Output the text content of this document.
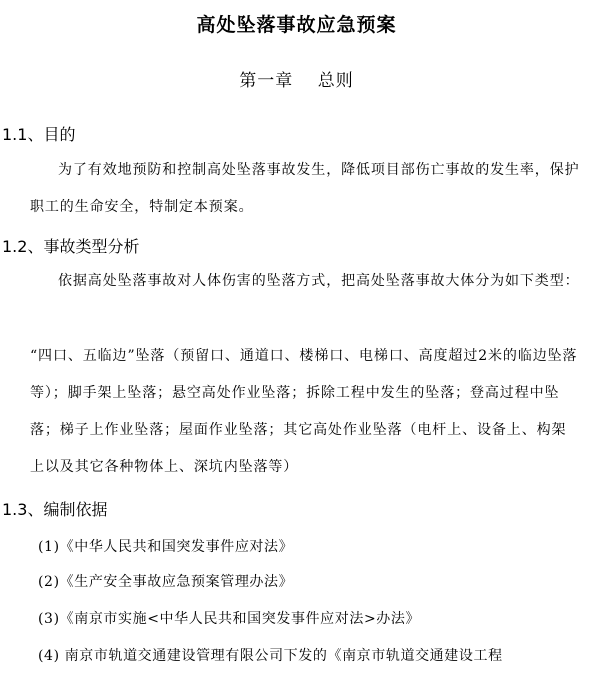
高处坠落事故应急预案
第一章　 总则
1.1、目的
为了有效地预防和控制高处坠落事故发生，降低项目部伤亡事故的发生率，保护职工的生命安全，特制定本预案。
1.2、事故类型分析
依据高处坠落事故对人体伤害的坠落方式，把高处坠落事故大体分为如下类型：
“四口、五临边”坠落（预留口、通道口、楼梯口、电梯口、高度超过2米的临边坠落等）；脚手架上坠落；悬空高处作业坠落；拆除工程中发生的坠落；登高过程中坠落；梯子上作业坠落；屋面作业坠落；其它高处作业坠落（电杆上、设备上、构架上以及其它各种物体上、深坑内坠落等）
1.3、编制依据
(1)《中华人民共和国突发事件应对法》
(2)《生产安全事故应急预案管理办法》
(3)《南京市实施<中华人民共和国突发事件应对法>办法》
(4) 南京市轨道交通建设管理有限公司下发的《南京市轨道交通建设工程
